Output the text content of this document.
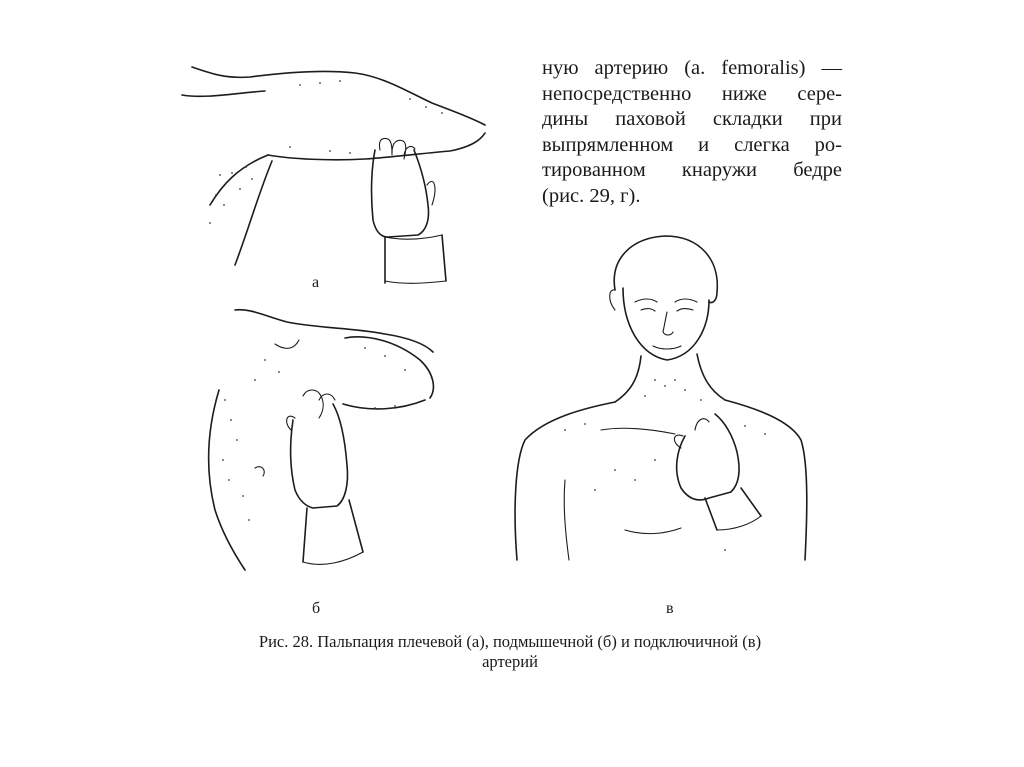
ную артерию (a. femoralis) —
непосредственно ниже сере-
дины паховой складки при
выпрямленном и слегка ро-
тированном кнаружи бедре
(рис. 29, г).
а
б	в
Рис. 28. Пальпация плечевой (а), подмышечной (б) и подключичной (в)
артерий
